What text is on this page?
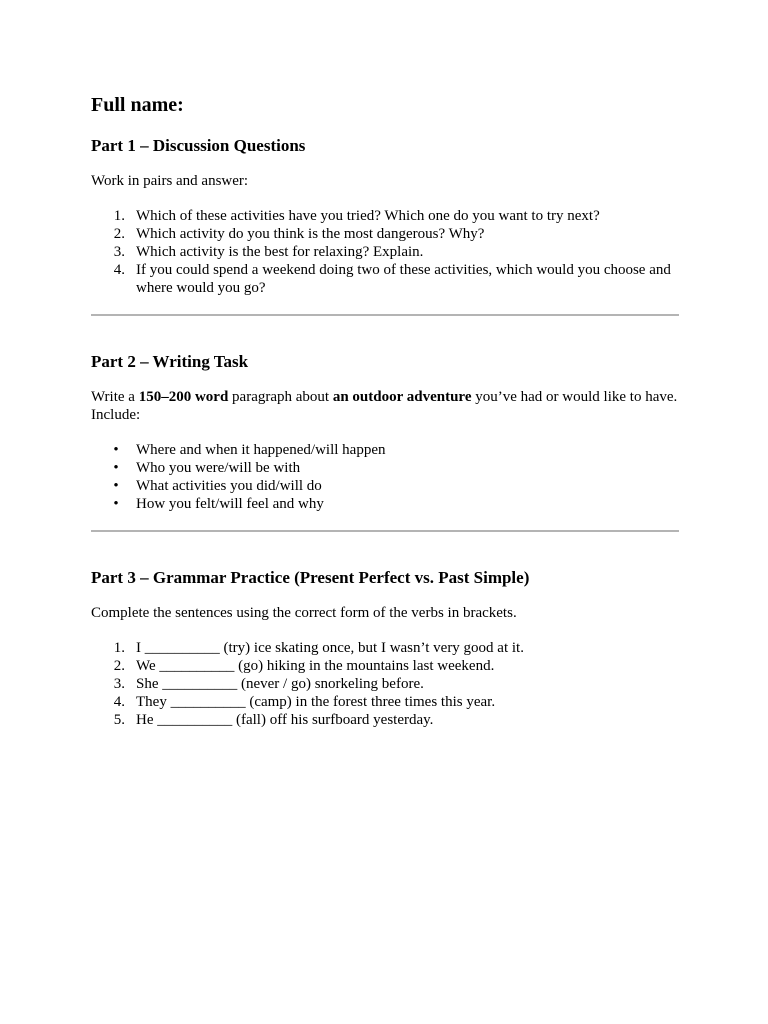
Full name:
Part 1 – Discussion Questions

Work in pairs and answer:

1. Which of these activities have you tried? Which one do you want to try next?
2. Which activity do you think is the most dangerous? Why?
3. Which activity is the best for relaxing? Explain.
4. If you could spend a weekend doing two of these activities, which would you choose and where would you go?
Part 2 – Writing Task

Write a 150–200 word paragraph about an outdoor adventure you’ve had or would like to have. Include:

• Where and when it happened/will happen
• Who you were/will be with
• What activities you did/will do
• How you felt/will feel and why
Part 3 – Grammar Practice (Present Perfect vs. Past Simple)

Complete the sentences using the correct form of the verbs in brackets.

1. I __________ (try) ice skating once, but I wasn’t very good at it.
2. We __________ (go) hiking in the mountains last weekend.
3. She __________ (never / go) snorkeling before.
4. They __________ (camp) in the forest three times this year.
5. He __________ (fall) off his surfboard yesterday.
